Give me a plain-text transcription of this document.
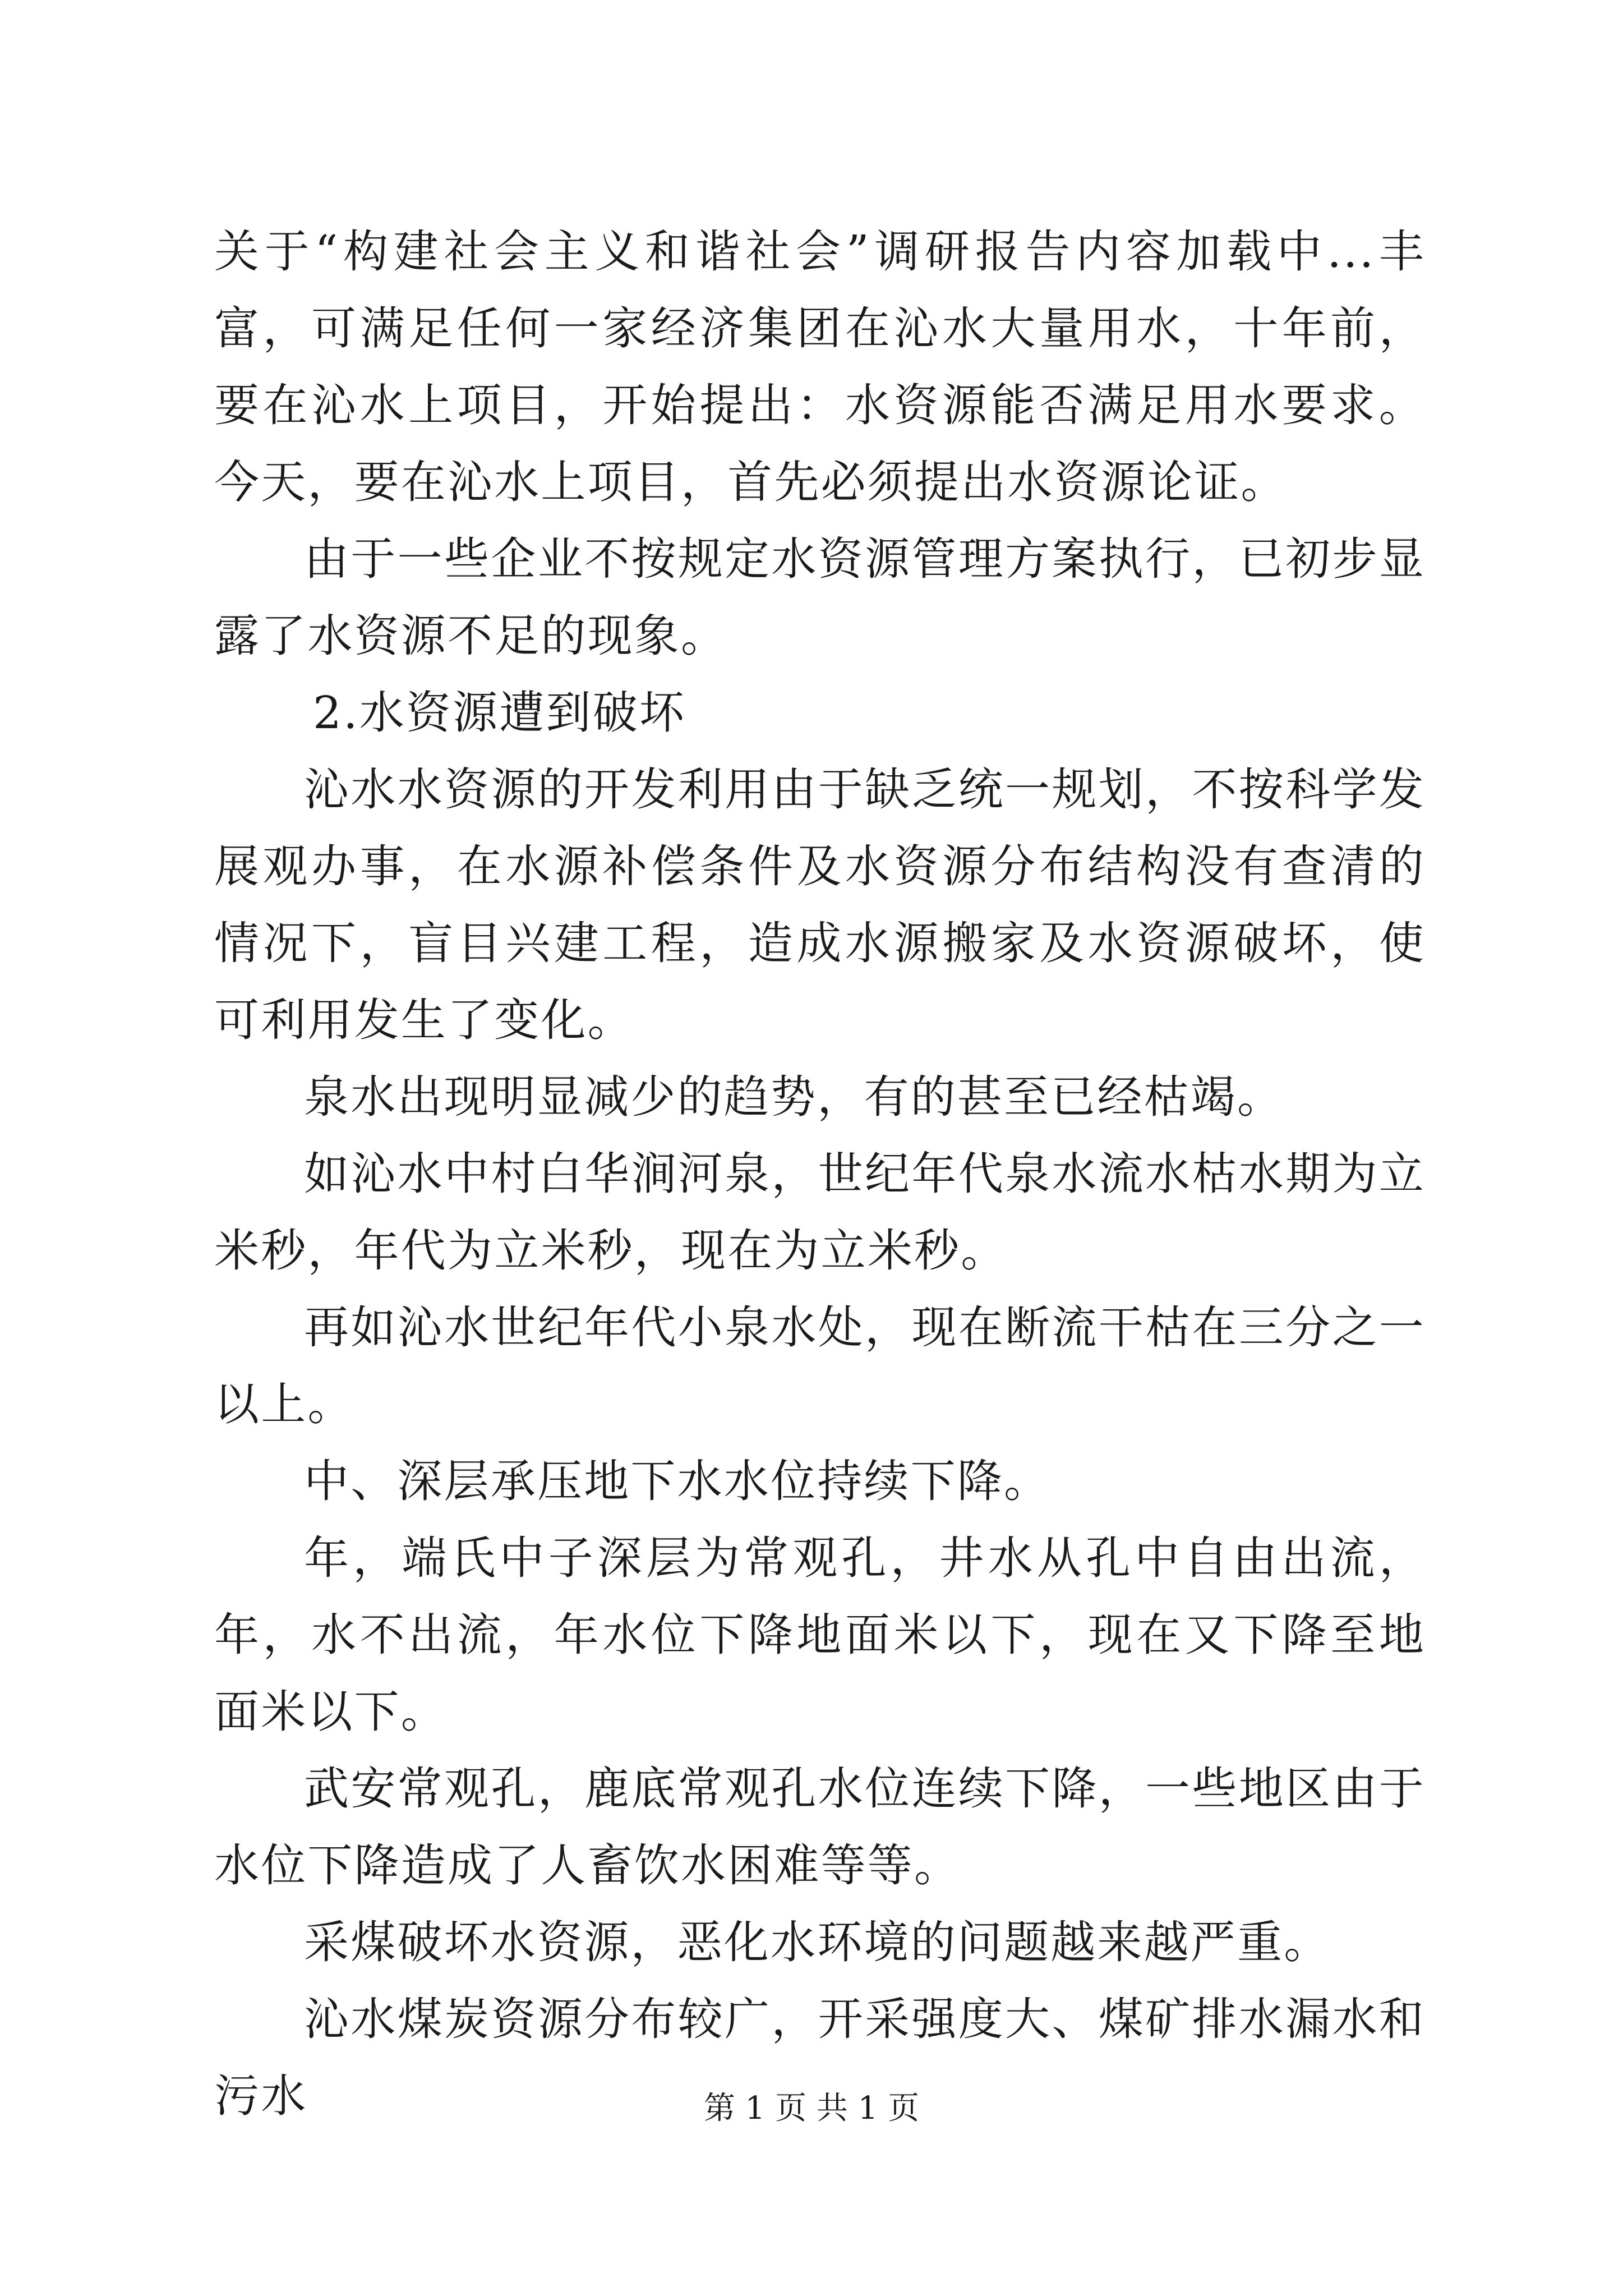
关于“构建社会主义和谐社会”调研报告内容加载中...丰富，可满足任何一家经济集团在沁水大量用水，十年前，要在沁水上项目，开始提出：水资源能否满足用水要求。今天，要在沁水上项目，首先必须提出水资源论证。

由于一些企业不按规定水资源管理方案执行，已初步显露了水资源不足的现象。

2.水资源遭到破坏

沁水水资源的开发利用由于缺乏统一规划，不按科学发展观办事，在水源补偿条件及水资源分布结构没有查清的情况下，盲目兴建工程，造成水源搬家及水资源破坏，使可利用发生了变化。

泉水出现明显减少的趋势，有的甚至已经枯竭。

如沁水中村白华涧河泉，世纪年代泉水流水枯水期为立米秒，年代为立米秒，现在为立米秒。

再如沁水世纪年代小泉水处，现在断流干枯在三分之一以上。

中、深层承压地下水水位持续下降。

年，端氏中子深层为常观孔，井水从孔中自由出流，年，水不出流，年水位下降地面米以下，现在又下降至地面米以下。

武安常观孔，鹿底常观孔水位连续下降，一些地区由于水位下降造成了人畜饮水困难等等。

采煤破坏水资源，恶化水环境的问题越来越严重。

沁水煤炭资源分布较广，开采强度大、煤矿排水漏水和污水	第 1 页 共 1 页
